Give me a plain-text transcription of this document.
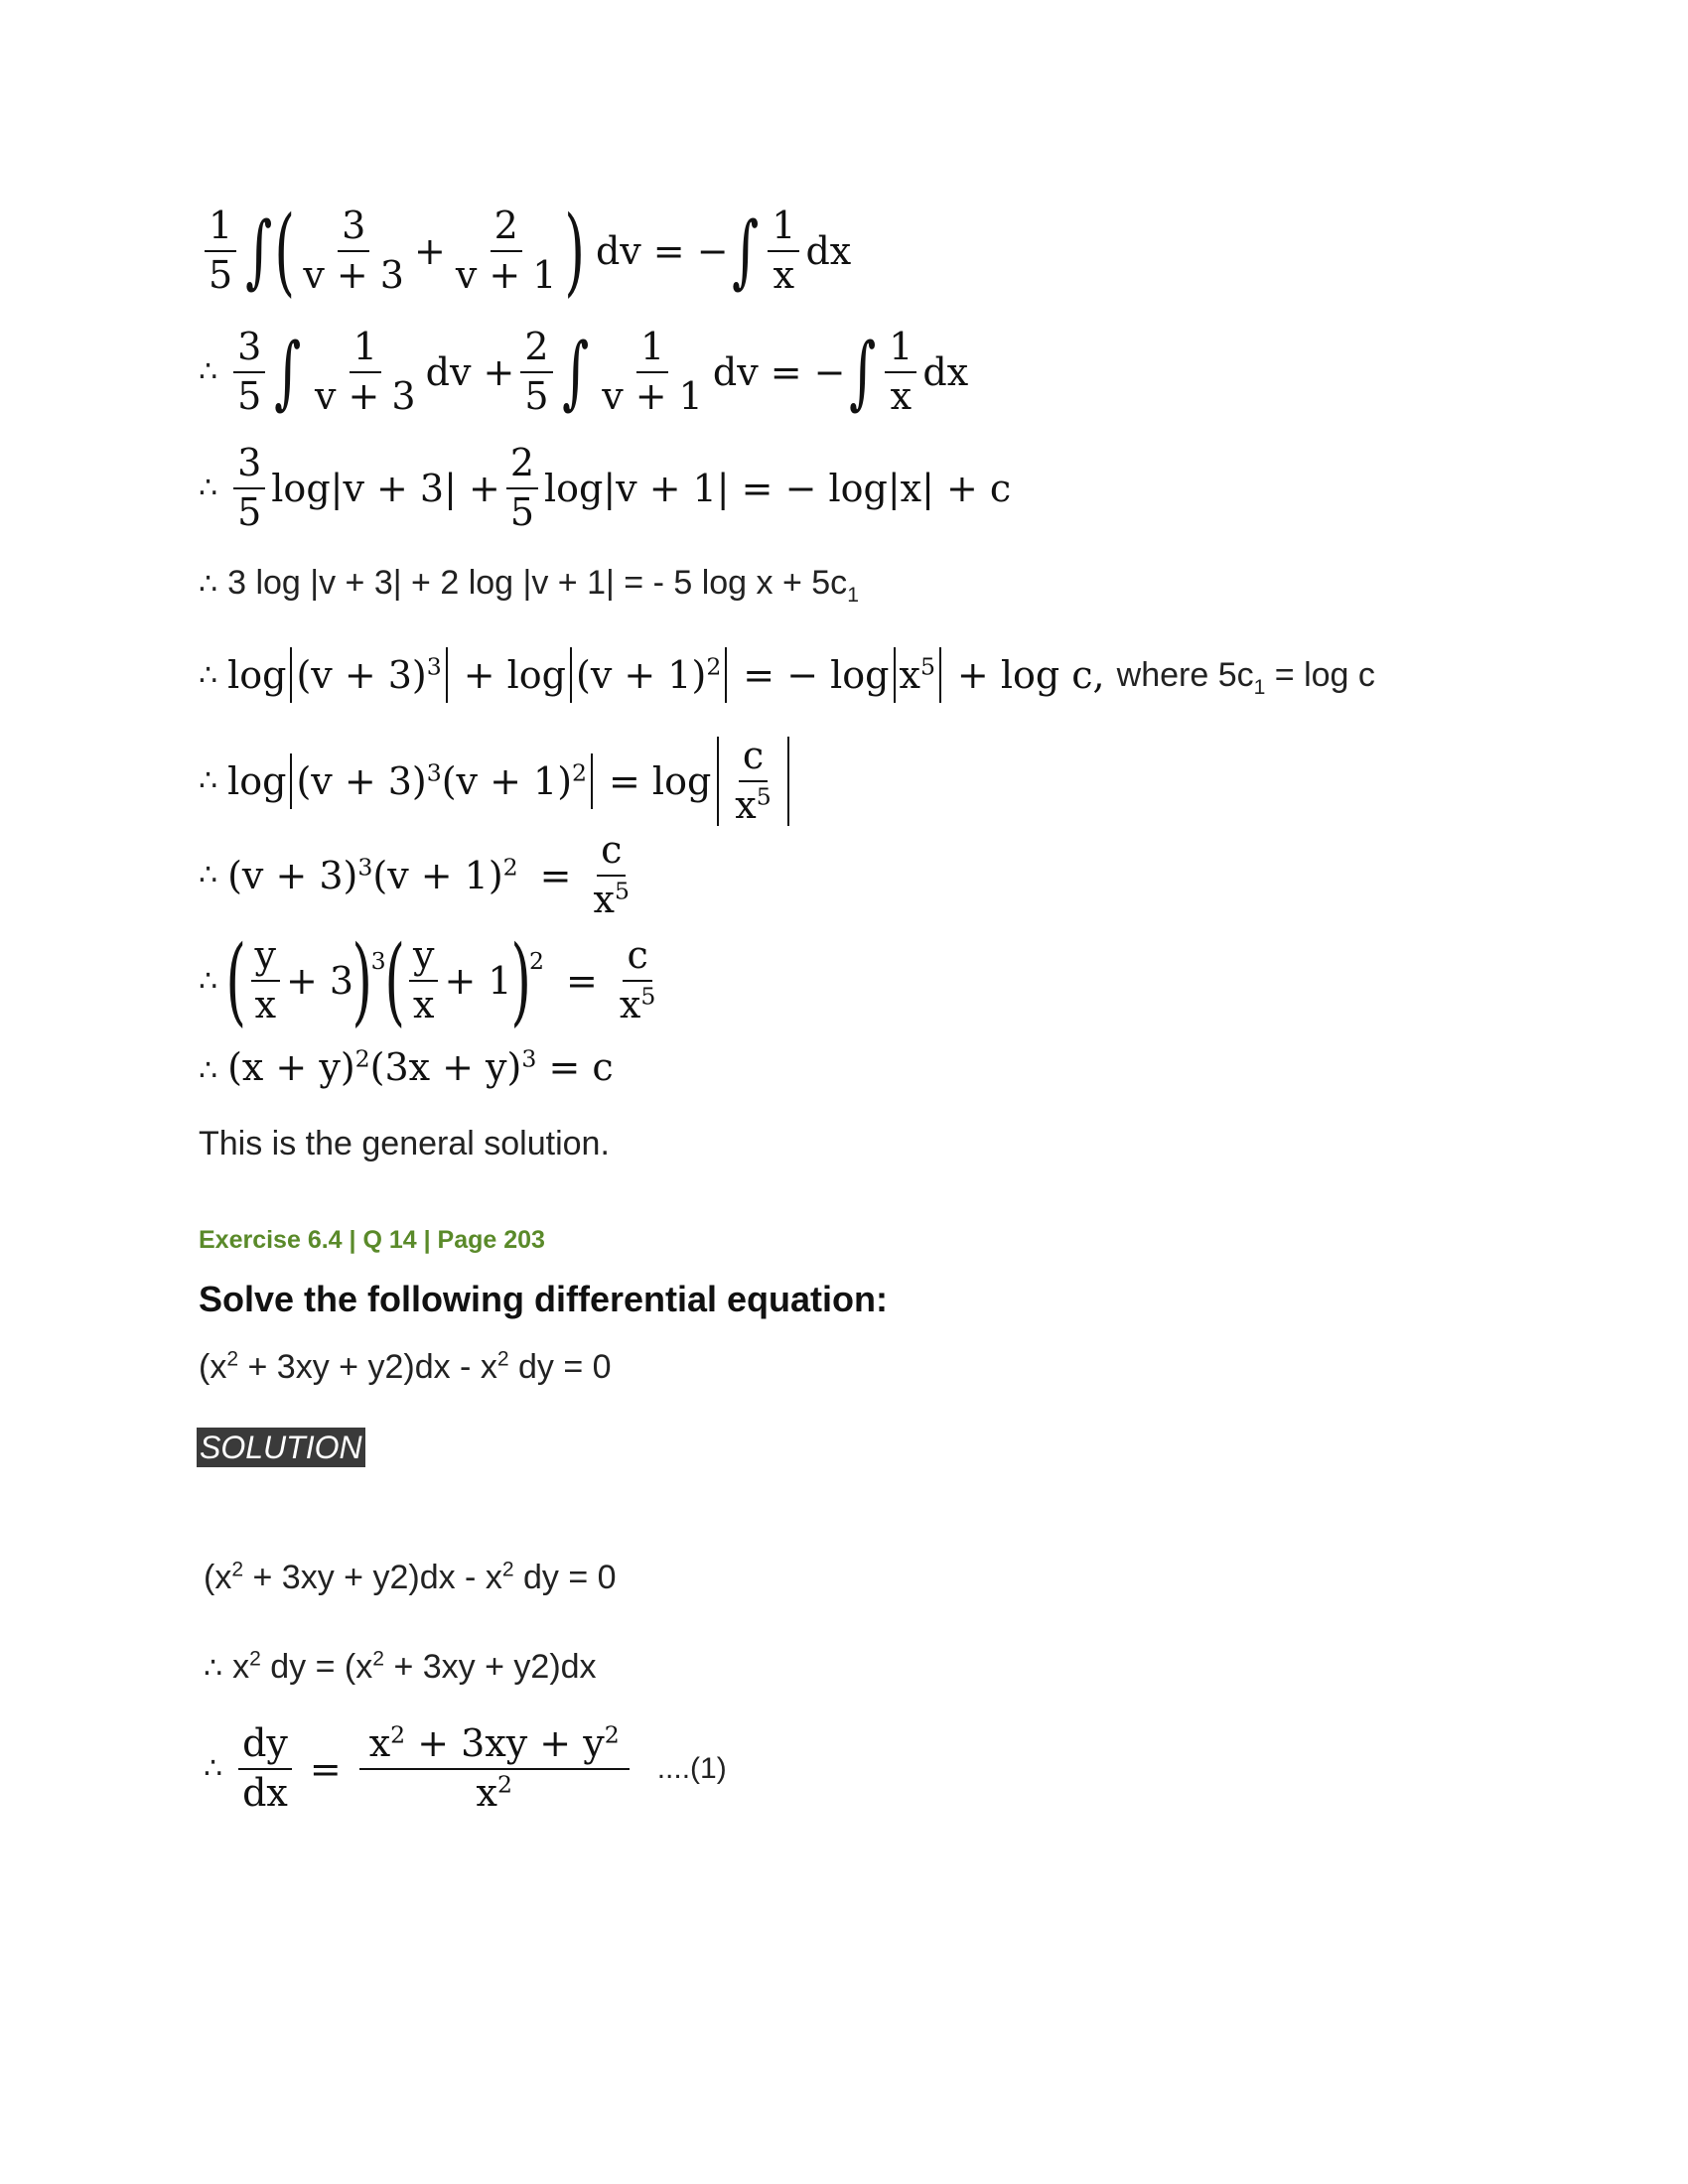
$\frac{1}{5}$ ∫ ( $\frac{3}{v + 3} + \frac{2}{v + 1}$ ) dv = − ∫ $\frac{1}{x}$ dx
∴ $\frac{3}{5}$ ∫ $\frac{1}{v + 3}$ dv + $\frac{2}{5}$ ∫ $\frac{1}{v + 1}$ dv = − ∫ $\frac{1}{x}$ dx
∴ $\frac{3}{5} \log|v + 3| + \frac{2}{5} \log|v + 1|$ = − log|x| + c
∴ 3 log |v + 3| + 2 log |v + 1| = - 5 $\log x + 5c_1$
∴ $\log (v + 3)^3 + \log (v + 1)^2$ = − $\log x^5 + \log c$, where $5c_1 = \log c$
∴ $\log (v + 3)^3(v + 1)^2 = \log \frac{c}{x^5}$
∴ $(v + 3)^3(v + 1)^2 = \frac{c}{x^5}$
∴ ( $\frac{y}{x} + 3$
)
3
( $\frac{y}{x} + 1$
)
$2 = \frac{c}{x^5}$
∴ $(x + y)^2(3x + y)^3 = c$
This is the general solution.
Exercise 6.4 | Q 14 | Page 203
Solve the following differential equation:
$(x^2 + 3xy + y2)dx - x^2$ dy = 0
SOLUTION
$(x^2 + 3xy + y2)dx - x^2$ dy = 0
∴ $x^2$ dy = $(x^2 + 3xy + y2)dx$
∴ $\frac{dy}{dx} = \frac{x^2 + 3xy + y^2}{x^2} ....(1)$
